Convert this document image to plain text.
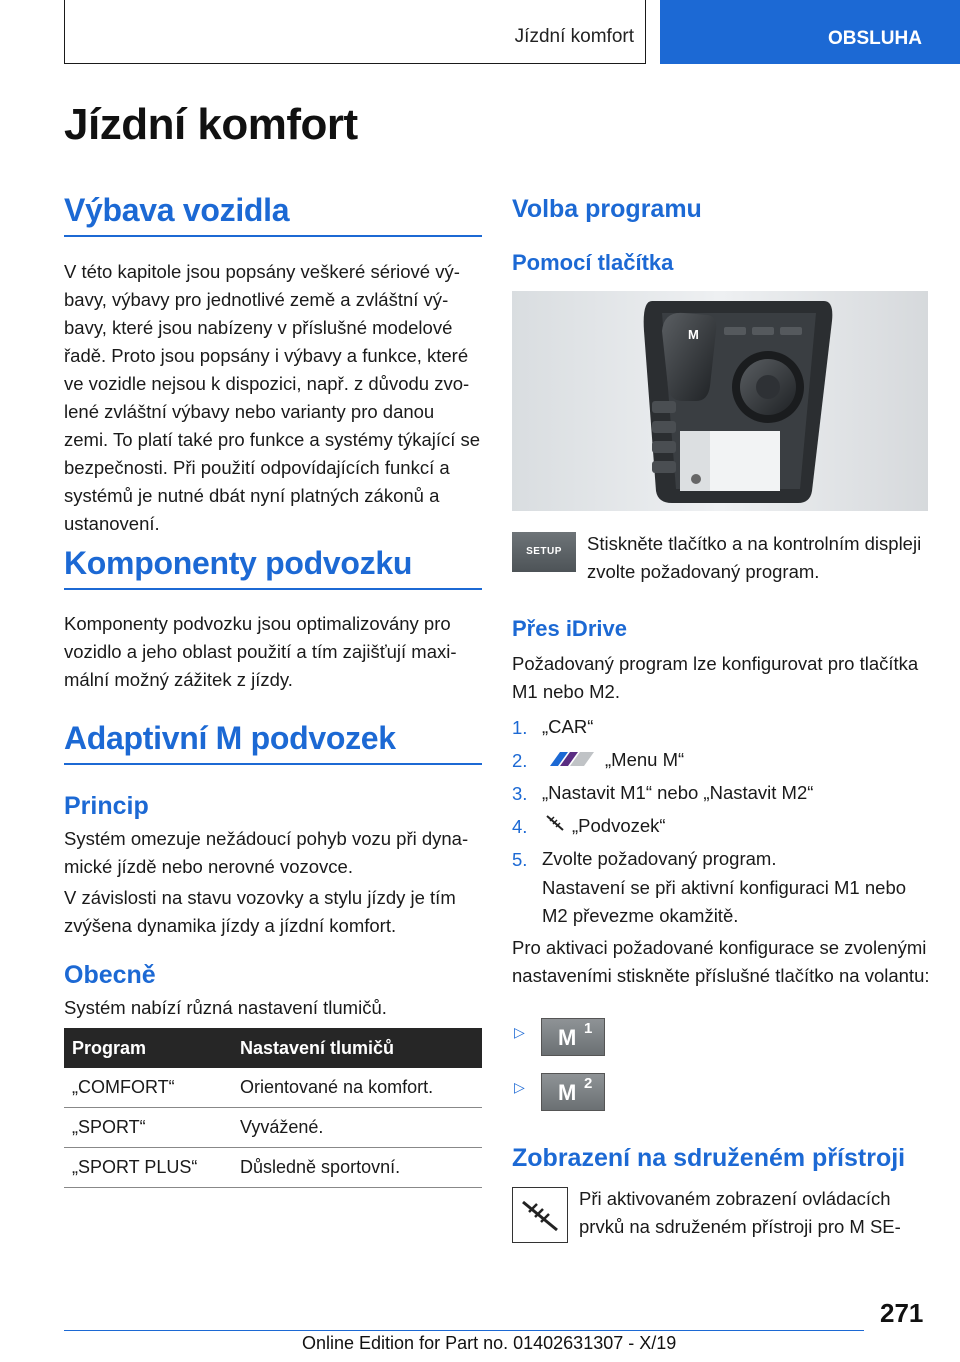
Jízdní komfort	OBSLUHA
Jízdní komfort
Výbava vozidla
V této kapitole jsou popsány veškeré sériové výbavy, výbavy pro jednotlivé země a zvláštní výbavy, které jsou nabízeny v příslušné modelové řadě. Proto jsou popsány i výbavy a funkce, které ve vozidle nejsou k dispozici, např. z důvodu zvolené zvláštní výbavy nebo varianty pro danou zemi. To platí také pro funkce a systémy týkající se bezpečnosti. Při použití odpovídajících funkcí a systémů je nutné dbát nyní platných zákonů a ustanovení.
Komponenty podvozku
Komponenty podvozku jsou optimalizovány pro vozidlo a jeho oblast použití a tím zajišťují maximální možný zážitek z jízdy.
Adaptivní M podvozek
Princip
Systém omezuje nežádoucí pohyb vozu při dynamické jízdě nebo nerovné vozovce.
V závislosti na stavu vozovky a stylu jízdy je tím zvýšena dynamika jízdy a jízdní komfort.
Obecně
Systém nabízí různá nastavení tlumičů.
Program	Nastavení tlumičů
„COMFORT“	Orientované na komfort.
„SPORT“	Vyvážené.
„SPORT PLUS“	Důsledně sportovní.
Volba programu
Pomocí tlačítka
M
SETUP	Stiskněte tlačítko a na kontrolním displeji zvolte požadovaný program.
Přes iDrive
Požadovaný program lze konfigurovat pro tlačítka M1 nebo M2.
1. „CAR“
2.	„Menu M“
3. „Nastavit M1“ nebo „Nastavit M2“
4. „Podvozek“
5. Zvolte požadovaný program.
Nastavení se při aktivní konfiguraci M1 nebo M2 převezme okamžitě.
Pro aktivaci požadované konfigurace se zvolenými nastaveními stiskněte příslušné tlačítko na volantu:
▷ M 1
▷ M 2
Zobrazení na sdruženém přístroji
Při aktivovaném zobrazení ovládacích prvků na sdruženém přístroji pro M SE-
271
Online Edition for Part no. 01402631307 - X/19
